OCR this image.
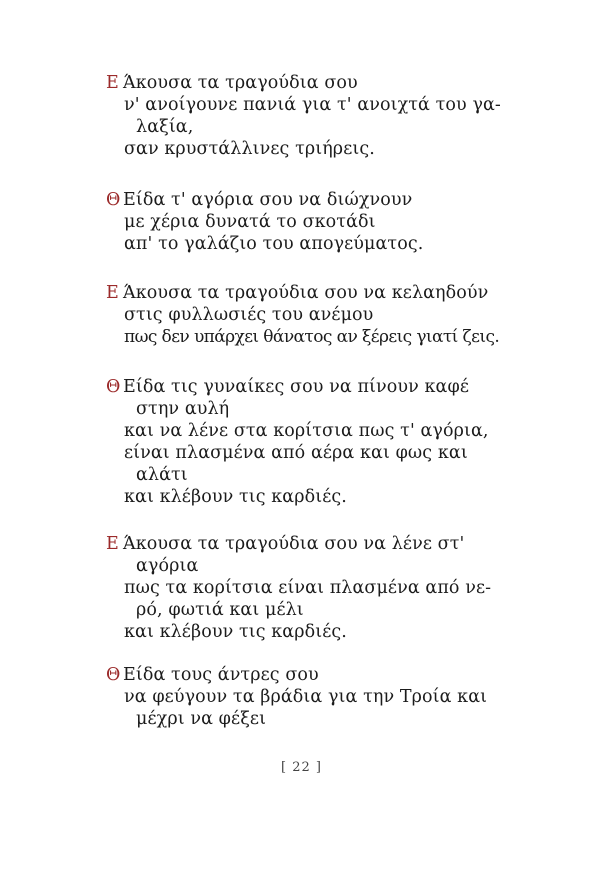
Ε Άκουσα τα τραγούδια σου
ν' ανοίγουνε πανιά για τ' ανοιχτά του γα-
λαξία,
σαν κρυστάλλινες τριήρεις.
Θ Είδα τ' αγόρια σου να διώχνουν
με χέρια δυνατά το σκοτάδι
απ' το γαλάζιο του απογεύματος.
Ε Άκουσα τα τραγούδια σου να κελαηδούν
στις φυλλωσιές του ανέμου
πως δεν υπάρχει θάνατος αν ξέρεις γιατί ζεις.
Θ Είδα τις γυναίκες σου να πίνουν καφέ
στην αυλή
και να λένε στα κορίτσια πως τ' αγόρια,
είναι πλασμένα από αέρα και φως και
αλάτι
και κλέβουν τις καρδιές.
Ε Άκουσα τα τραγούδια σου να λένε στ'
αγόρια
πως τα κορίτσια είναι πλασμένα από νε-
ρό, φωτιά και μέλι
και κλέβουν τις καρδιές.
Θ Είδα τους άντρες σου
να φεύγουν τα βράδια για την Τροία και
μέχρι να φέξει
[ 22 ]
